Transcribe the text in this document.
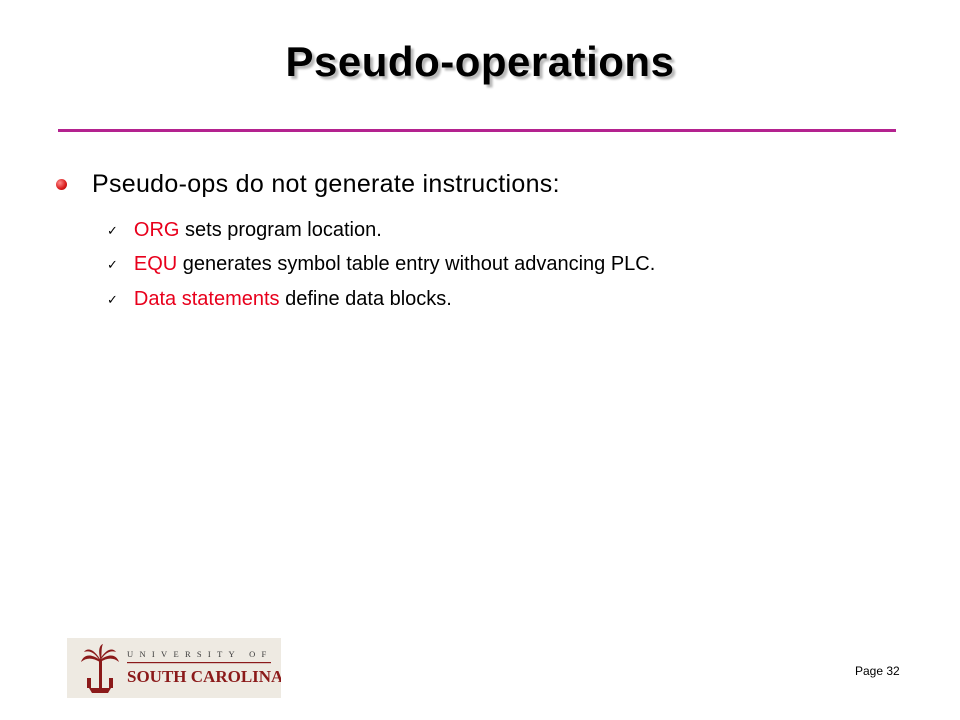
Pseudo-operations
Pseudo-ops do not generate instructions:
✓ ORG sets program location.
✓ EQU generates symbol table entry without advancing PLC.
✓ Data statements define data blocks.
UNIVERSITY OF
SOUTH CAROLINA	Page 32
